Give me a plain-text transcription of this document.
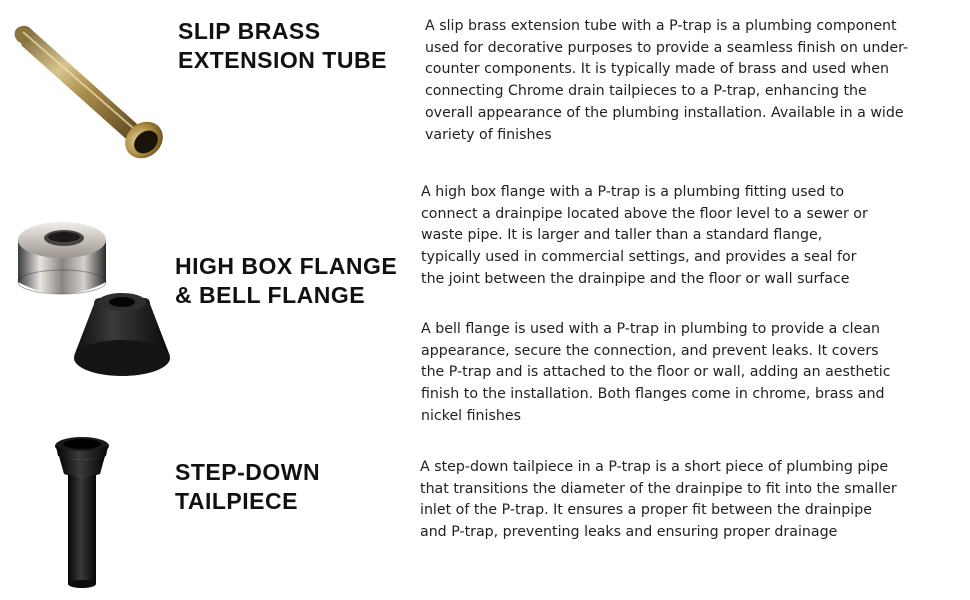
SLIP BRASS
EXTENSION TUBE

A slip brass extension tube with a P-trap is a plumbing component
used for decorative purposes to provide a seamless finish on under-
counter components. It is typically made of brass and used when
connecting Chrome drain tailpieces to a P-trap, enhancing the
overall appearance of the plumbing installation. Available in a wide
variety of finishes

HIGH BOX FLANGE
& BELL FLANGE

A high box flange with a P-trap is a plumbing fitting used to
connect a drainpipe located above the floor level to a sewer or
waste pipe. It is larger and taller than a standard flange,
typically used in commercial settings, and provides a seal for
the joint between the drainpipe and the floor or wall surface

A bell flange is used with a P-trap in plumbing to provide a clean
appearance, secure the connection, and prevent leaks. It covers
the P-trap and is attached to the floor or wall, adding an aesthetic
finish to the installation. Both flanges come in chrome, brass and
nickel finishes

STEP-DOWN
TAILPIECE

A step-down tailpiece in a P-trap is a short piece of plumbing pipe
that transitions the diameter of the drainpipe to fit into the smaller
inlet of the P-trap. It ensures a proper fit between the drainpipe
and P-trap, preventing leaks and ensuring proper drainage
